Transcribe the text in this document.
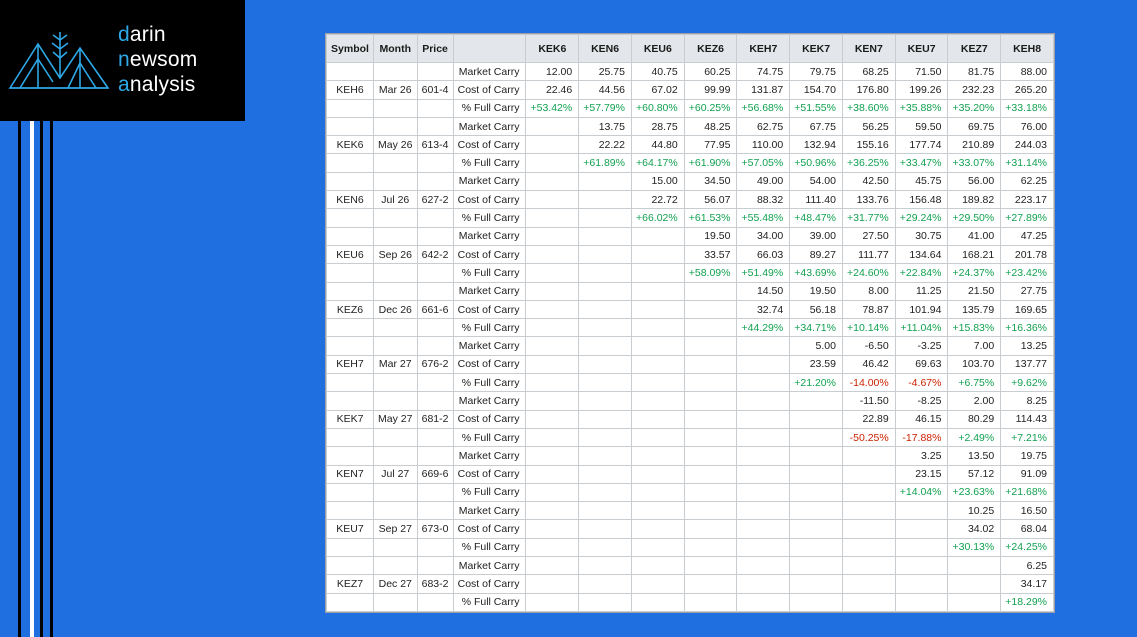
darin
newsom
analysis
Symbol	Month	Price		KEK6	KEN6	KEU6	KEZ6	KEH7	KEK7	KEN7	KEU7	KEZ7	KEH8
			Market Carry	12.00	25.75	40.75	60.25	74.75	79.75	68.25	71.50	81.75	88.00
KEH6	Mar 26	601-4	Cost of Carry	22.46	44.56	67.02	99.99	131.87	154.70	176.80	199.26	232.23	265.20
			% Full Carry	+53.42%	+57.79%	+60.80%	+60.25%	+56.68%	+51.55%	+38.60%	+35.88%	+35.20%	+33.18%
			Market Carry		13.75	28.75	48.25	62.75	67.75	56.25	59.50	69.75	76.00
KEK6	May 26	613-4	Cost of Carry		22.22	44.80	77.95	110.00	132.94	155.16	177.74	210.89	244.03
			% Full Carry		+61.89%	+64.17%	+61.90%	+57.05%	+50.96%	+36.25%	+33.47%	+33.07%	+31.14%
			Market Carry			15.00	34.50	49.00	54.00	42.50	45.75	56.00	62.25
KEN6	Jul 26	627-2	Cost of Carry			22.72	56.07	88.32	111.40	133.76	156.48	189.82	223.17
			% Full Carry			+66.02%	+61.53%	+55.48%	+48.47%	+31.77%	+29.24%	+29.50%	+27.89%
			Market Carry				19.50	34.00	39.00	27.50	30.75	41.00	47.25
KEU6	Sep 26	642-2	Cost of Carry				33.57	66.03	89.27	111.77	134.64	168.21	201.78
			% Full Carry				+58.09%	+51.49%	+43.69%	+24.60%	+22.84%	+24.37%	+23.42%
			Market Carry					14.50	19.50	8.00	11.25	21.50	27.75
KEZ6	Dec 26	661-6	Cost of Carry					32.74	56.18	78.87	101.94	135.79	169.65
			% Full Carry					+44.29%	+34.71%	+10.14%	+11.04%	+15.83%	+16.36%
			Market Carry						5.00	-6.50	-3.25	7.00	13.25
KEH7	Mar 27	676-2	Cost of Carry						23.59	46.42	69.63	103.70	137.77
			% Full Carry						+21.20%	-14.00%	-4.67%	+6.75%	+9.62%
			Market Carry							-11.50	-8.25	2.00	8.25
KEK7	May 27	681-2	Cost of Carry							22.89	46.15	80.29	114.43
			% Full Carry							-50.25%	-17.88%	+2.49%	+7.21%
			Market Carry								3.25	13.50	19.75
KEN7	Jul 27	669-6	Cost of Carry								23.15	57.12	91.09
			% Full Carry								+14.04%	+23.63%	+21.68%
			Market Carry									10.25	16.50
KEU7	Sep 27	673-0	Cost of Carry									34.02	68.04
			% Full Carry									+30.13%	+24.25%
			Market Carry										6.25
KEZ7	Dec 27	683-2	Cost of Carry										34.17
			% Full Carry										+18.29%
